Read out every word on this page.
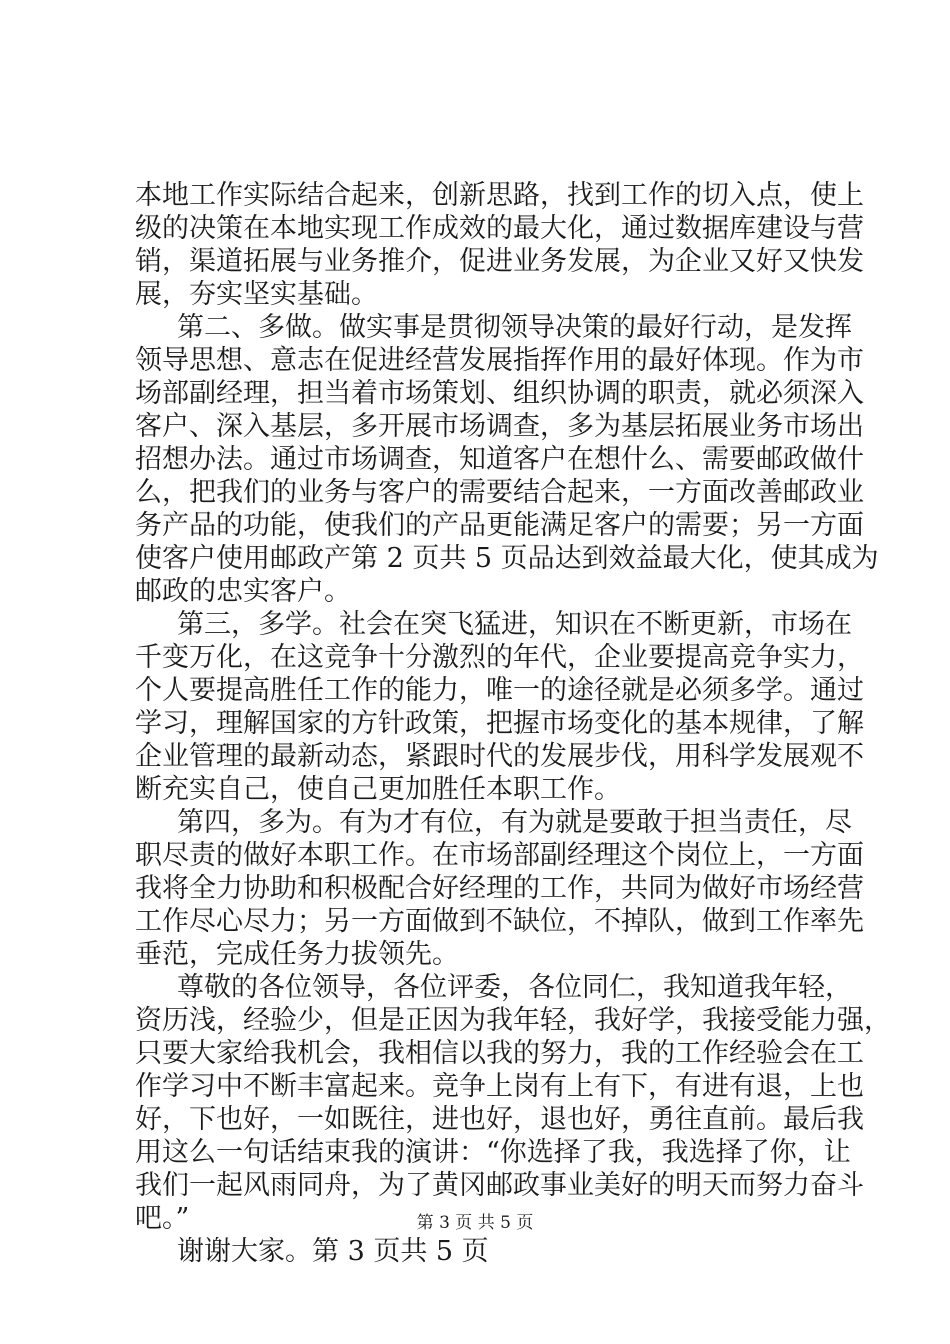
本地工作实际结合起来，创新思路，找到工作的切入点，使上
级的决策在本地实现工作成效的最大化，通过数据库建设与营
销，渠道拓展与业务推介，促进业务发展，为企业又好又快发
展，夯实坚实基础。
第二、多做。做实事是贯彻领导决策的最好行动，是发挥
领导思想、意志在促进经营发展指挥作用的最好体现。作为市
场部副经理，担当着市场策划、组织协调的职责，就必须深入
客户、深入基层，多开展市场调查，多为基层拓展业务市场出
招想办法。通过市场调查，知道客户在想什么、需要邮政做什
么，把我们的业务与客户的需要结合起来，一方面改善邮政业
务产品的功能，使我们的产品更能满足客户的需要；另一方面
使客户使用邮政产第 2 页共 5 页品达到效益最大化，使其成为
邮政的忠实客户。
第三，多学。社会在突飞猛进，知识在不断更新，市场在
千变万化，在这竞争十分激烈的年代，企业要提高竞争实力，
个人要提高胜任工作的能力，唯一的途径就是必须多学。通过
学习，理解国家的方针政策，把握市场变化的基本规律，了解
企业管理的最新动态，紧跟时代的发展步伐，用科学发展观不
断充实自己，使自己更加胜任本职工作。
第四，多为。有为才有位，有为就是要敢于担当责任，尽
职尽责的做好本职工作。在市场部副经理这个岗位上，一方面
我将全力协助和积极配合好经理的工作，共同为做好市场经营
工作尽心尽力；另一方面做到不缺位，不掉队，做到工作率先
垂范，完成任务力拔领先。
尊敬的各位领导，各位评委，各位同仁，我知道我年轻，
资历浅，经验少，但是正因为我年轻，我好学，我接受能力强，
只要大家给我机会，我相信以我的努力，我的工作经验会在工
作学习中不断丰富起来。竞争上岗有上有下，有进有退，上也
好，下也好，一如既往，进也好，退也好，勇往直前。最后我
用这么一句话结束我的演讲：“你选择了我，我选择了你，让
我们一起风雨同舟，为了黄冈邮政事业美好的明天而努力奋斗
吧。”
谢谢大家。第 3 页共 5 页
第 3 页 共 5 页
